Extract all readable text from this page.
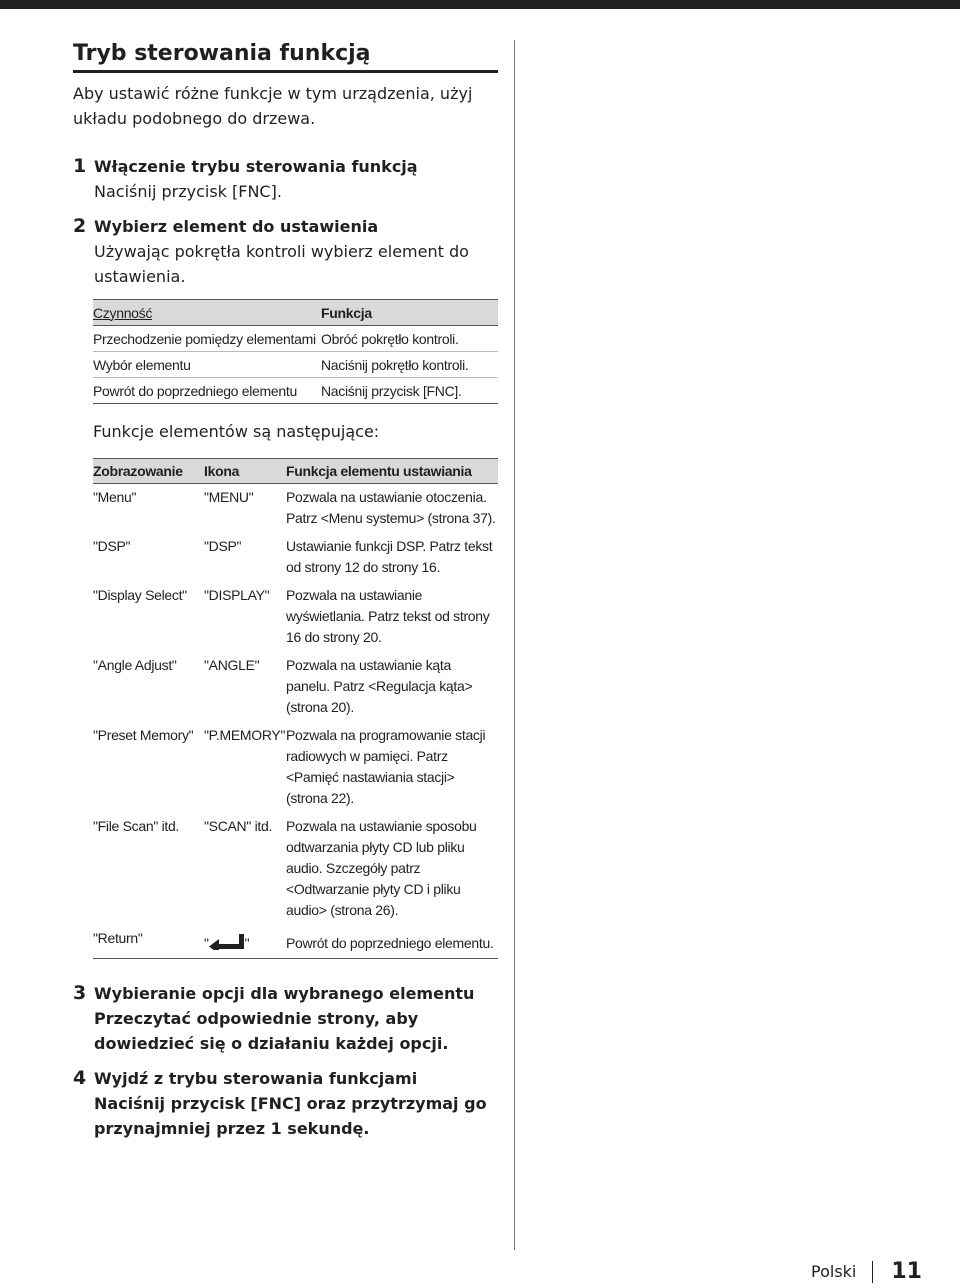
Tryb sterowania funkcją

Aby ustawić różne funkcje w tym urządzenia, użyj układu podobnego do drzewa.

1 Włączenie trybu sterowania funkcją
Naciśnij przycisk [FNC].
2 Wybierz element do ustawienia
Używając pokrętła kontroli wybierz element do ustawienia.
Czynność	Funkcja
Przechodzenie pomiędzy elementami	Obróć pokrętło kontroli.
Wybór elementu	Naciśnij pokrętło kontroli.
Powrót do poprzedniego elementu	Naciśnij przycisk [FNC].

Funkcje elementów są następujące:

Zobrazowanie	Ikona	Funkcja elementu ustawiania
"Menu"	"MENU"	Pozwala na ustawianie otoczenia. Patrz <Menu systemu> (strona 37).
"DSP"	"DSP"	Ustawianie funkcji DSP. Patrz tekst od strony 12 do strony 16.
"Display Select"	"DISPLAY"	Pozwala na ustawianie wyświetlania. Patrz tekst od strony 16 do strony 20.
"Angle Adjust"	"ANGLE"	Pozwala na ustawianie kąta panelu. Patrz <Regulacja kąta> (strona 20).
"Preset Memory"	"P.MEMORY"	Pozwala na programowanie stacji radiowych w pamięci. Patrz <Pamięć nastawiania stacji> (strona 22).
"File Scan" itd.	"SCAN" itd.	Pozwala na ustawianie sposobu odtwarzania płyty CD lub pliku audio. Szczegóły patrz <Odtwarzanie płyty CD i pliku audio> (strona 26).
"Return"	" "	Powrót do poprzedniego elementu.
3 Wybieranie opcji dla wybranego elementu
Przeczytać odpowiednie strony, aby dowiedzieć się o działaniu każdej opcji.
4 Wyjdź z trybu sterowania funkcjami
Naciśnij przycisk [FNC] oraz przytrzymaj go przynajmniej przez 1 sekundę.
Polski 11
